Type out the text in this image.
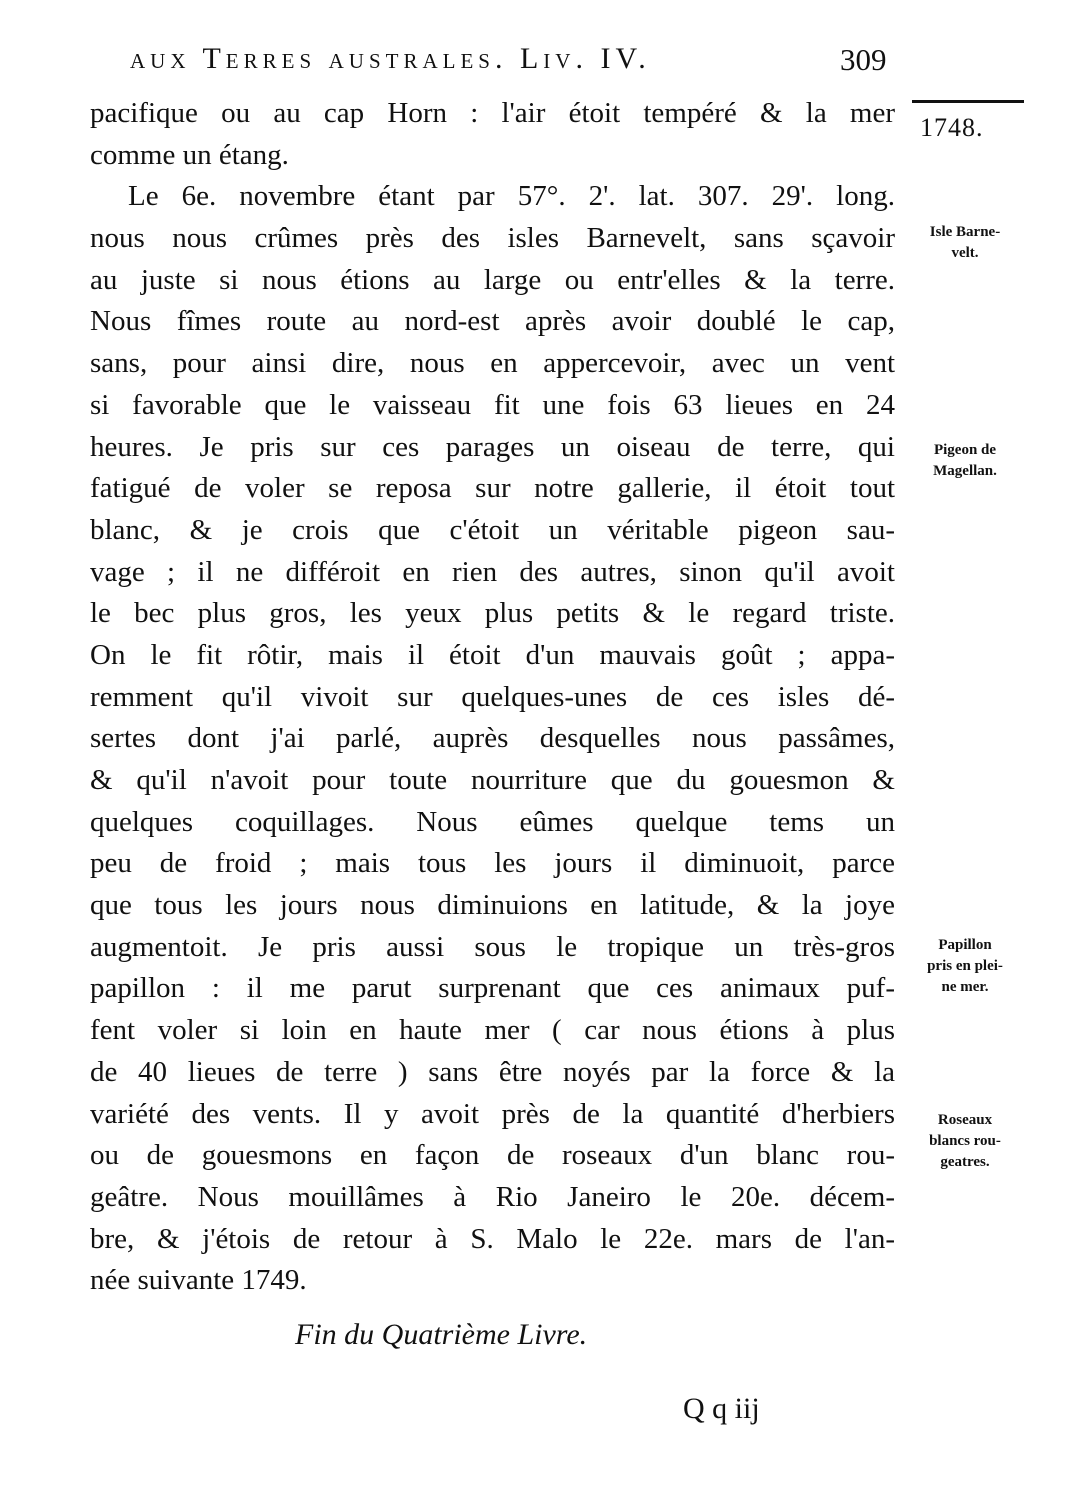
aux Terres australes. Liv. IV.	309
1748.
pacifique ou au cap Horn : l'air étoit tempéré & la mer
comme un étang.
Le 6e. novembre étant par 57°. 2'. lat. 307. 29'. long.
nous nous crûmes près des isles Barnevelt, sans sçavoir
au juste si nous étions au large ou entr'elles & la terre.
Nous fîmes route au nord-est après avoir doublé le cap,
sans, pour ainsi dire, nous en appercevoir, avec un vent
si favorable que le vaisseau fit une fois 63 lieues en 24
heures. Je pris sur ces parages un oiseau de terre, qui
fatigué de voler se reposa sur notre gallerie, il étoit tout
blanc, & je crois que c'étoit un véritable pigeon sau-
vage ; il ne différoit en rien des autres, sinon qu'il avoit
le bec plus gros, les yeux plus petits & le regard triste.
On le fit rôtir, mais il étoit d'un mauvais goût ; appa-
remment qu'il vivoit sur quelques-unes de ces isles dé-
sertes dont j'ai parlé, auprès desquelles nous passâmes,
& qu'il n'avoit pour toute nourriture que du gouesmon &
quelques coquillages. Nous eûmes quelque tems un
peu de froid ; mais tous les jours il diminuoit, parce
que tous les jours nous diminuions en latitude, & la joye
augmentoit. Je pris aussi sous le tropique un très-gros
papillon : il me parut surprenant que ces animaux puf-
fent voler si loin en haute mer ( car nous étions à plus
de 40 lieues de terre ) sans être noyés par la force & la
variété des vents. Il y avoit près de la quantité d'herbiers
ou de gouesmons en façon de roseaux d'un blanc rou-
geâtre. Nous mouillâmes à Rio Janeiro le 20e. décem-
bre, & j'étois de retour à S. Malo le 22e. mars de l'an-
née suivante 1749.
Isle Barne-
velt.
Pigeon de
Magellan.
Papillon
pris en plei-
ne mer.
Roseaux
blancs rou-
geatres.
Fin du Quatrième Livre.
Q q iij
